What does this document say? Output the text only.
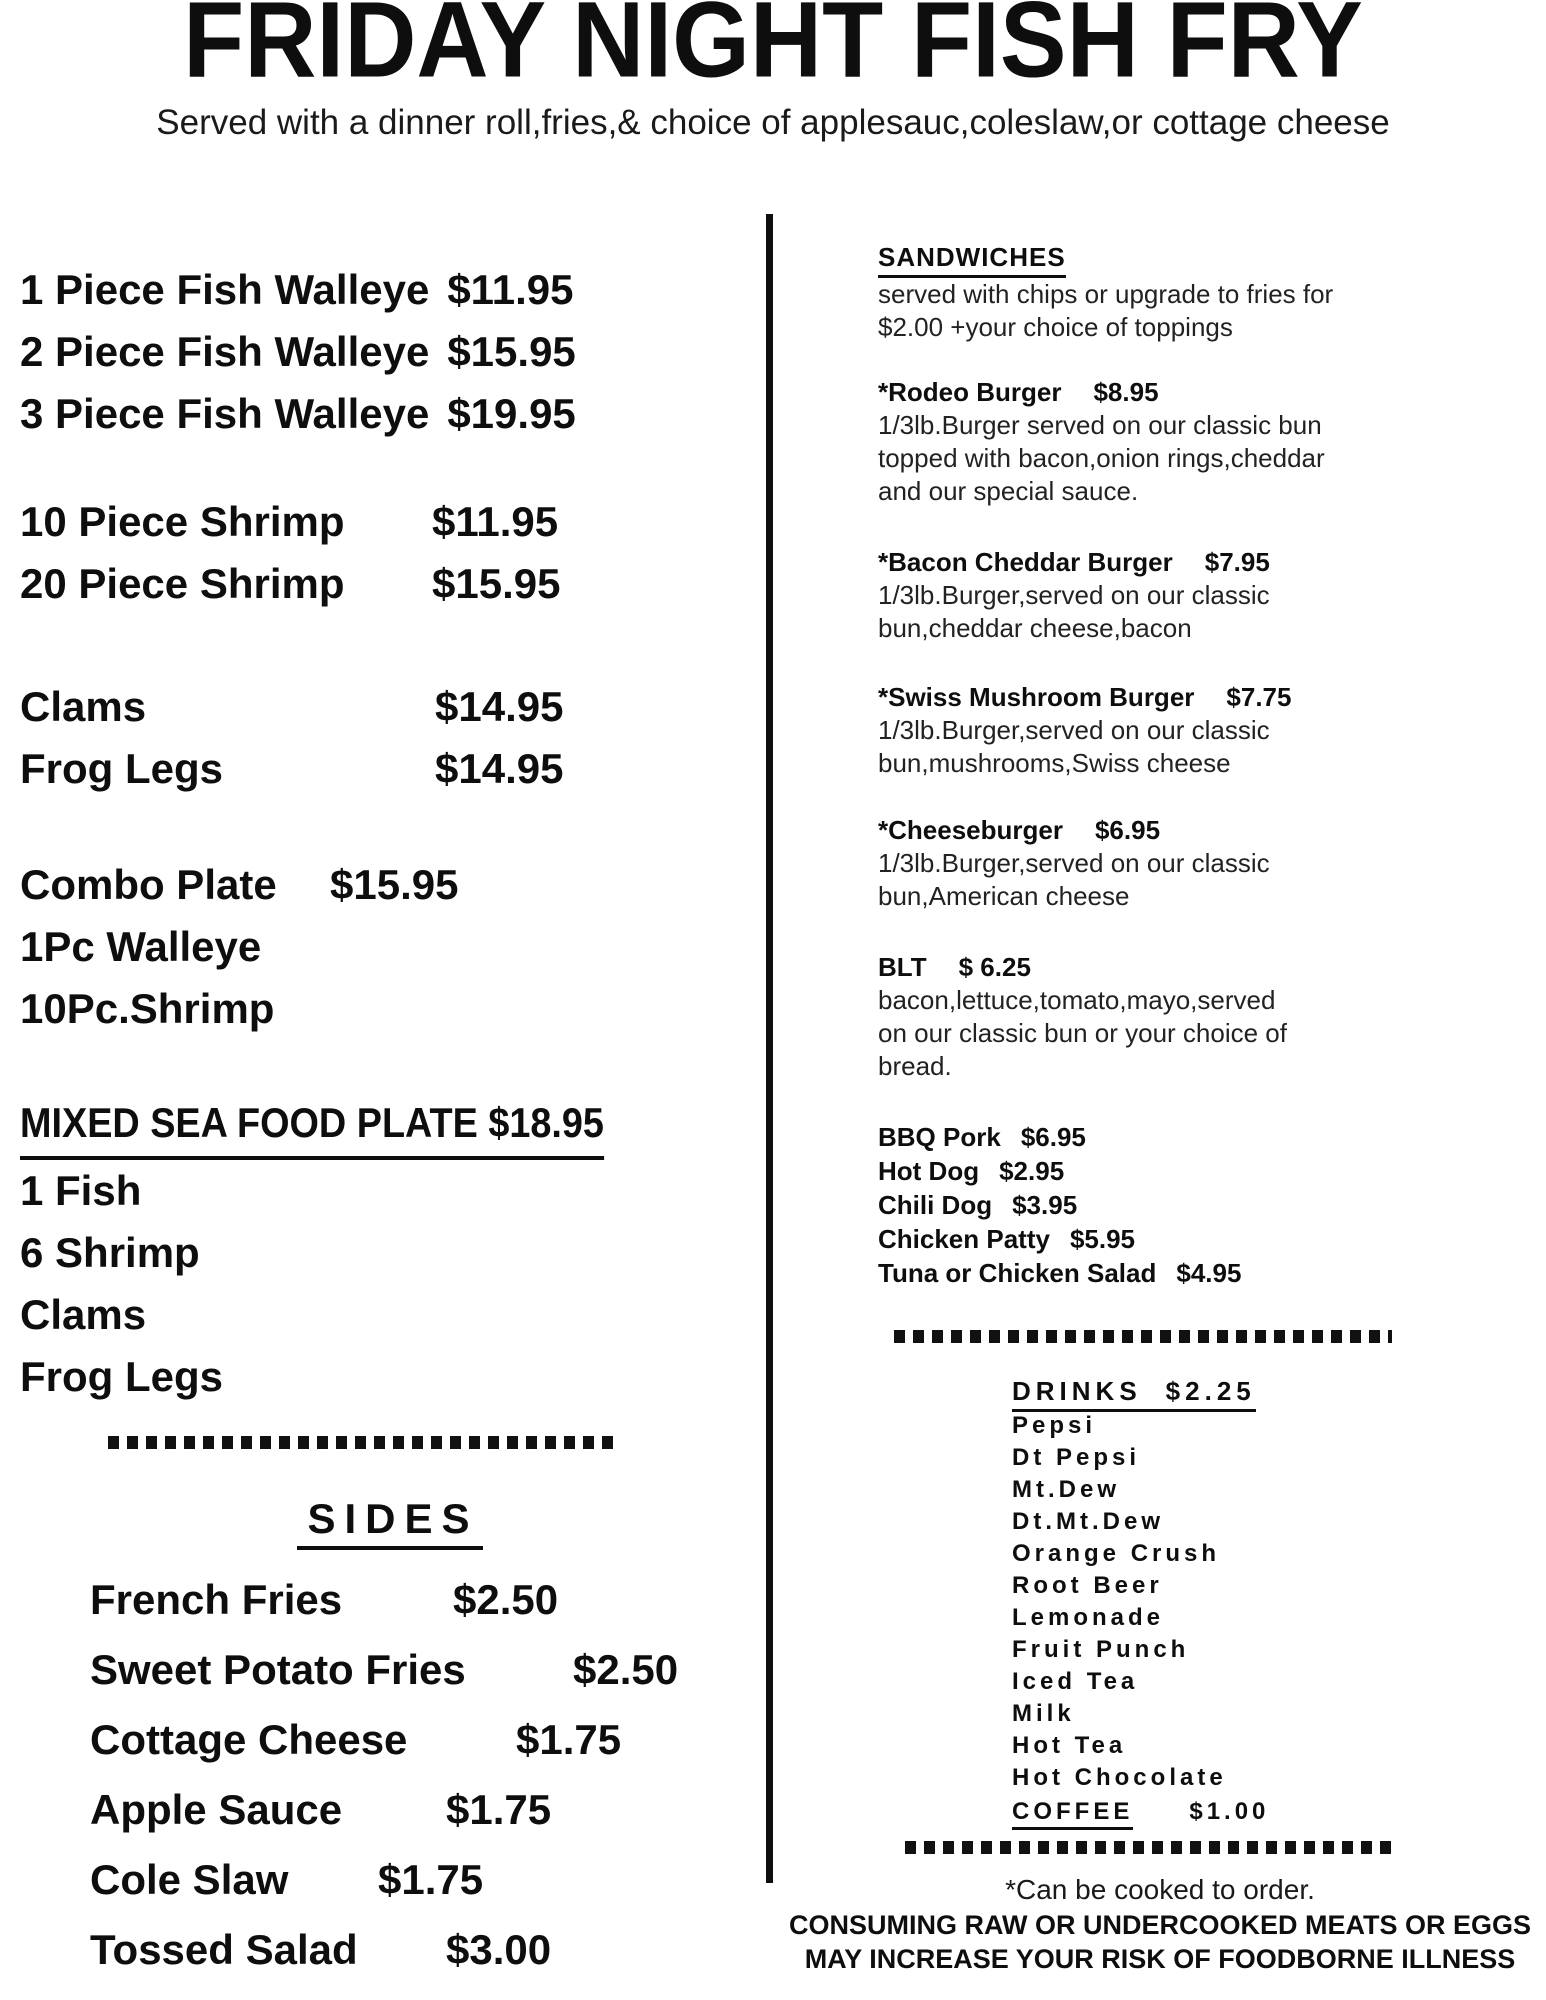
FRIDAY NIGHT FISH FRY
Served with a dinner roll,fries,& choice of applesauc,coleslaw,or cottage cheese
1 Piece Fish Walleye $11.95
2 Piece Fish Walleye $15.95
3 Piece Fish Walleye $19.95
10 Piece Shrimp $11.95
20 Piece Shrimp $15.95
Clams	$14.95
Frog Legs	$14.95
Combo Plate $15.95
1Pc Walleye
10Pc.Shrimp
MIXED SEA FOOD PLATE $18.95
1 Fish
6 Shrimp
Clams
Frog Legs
SIDES
French Fries	$2.50
Sweet Potato Fries	$2.50
Cottage Cheese	$1.75
Apple Sauce $1.75
Cole Slaw $1.75
Tossed Salad $3.00
SANDWICHES
served with chips or upgrade to fries for
$2.00 +your choice of toppings
*Rodeo Burger $8.95
1/3lb.Burger served on our classic bun
topped with bacon,onion rings,cheddar
and our special sauce.
*Bacon Cheddar Burger $7.95
1/3lb.Burger,served on our classic
bun,cheddar cheese,bacon
*Swiss Mushroom Burger $7.75
1/3lb.Burger,served on our classic
bun,mushrooms,Swiss cheese
*Cheeseburger $6.95
1/3lb.Burger,served on our classic
bun,American cheese
BLT $ 6.25
bacon,lettuce,tomato,mayo,served
on our classic bun or your choice of
bread.
BBQ Pork $6.95
Hot Dog $2.95
Chili Dog $3.95
Chicken Patty $5.95
Tuna or Chicken Salad $4.95
DRINKS $2.25
Pepsi
Dt Pepsi
Mt.Dew
Dt.Mt.Dew
Orange Crush
Root Beer
Lemonade
Fruit Punch
Iced Tea
Milk
Hot Tea
Hot Chocolate
COFFEE $1.00
*Can be cooked to order.
CONSUMING RAW OR UNDERCOOKED MEATS OR EGGS
MAY INCREASE YOUR RISK OF FOODBORNE ILLNESS
